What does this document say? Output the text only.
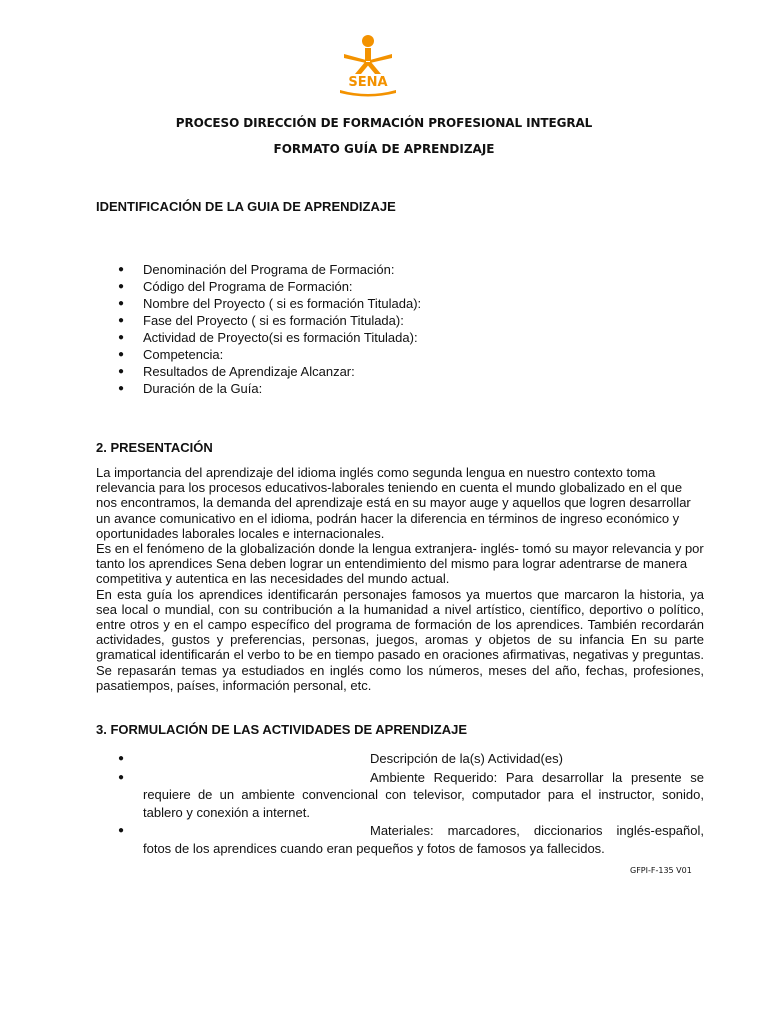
SENA
PROCESO DIRECCIÓN DE FORMACIÓN PROFESIONAL INTEGRAL
FORMATO GUÍA DE APRENDIZAJE
IDENTIFICACIÓN DE LA GUIA DE APRENDIZAJE
● Denominación del Programa de Formación:
● Código del Programa de Formación:
● Nombre del Proyecto ( si es formación Titulada):
● Fase del Proyecto ( si es formación Titulada):
● Actividad de Proyecto(si es formación Titulada):
● Competencia:
● Resultados de Aprendizaje Alcanzar:
● Duración de la Guía:
2. PRESENTACIÓN

La importancia del aprendizaje del idioma inglés como segunda lengua en nuestro contexto toma relevancia para los procesos educativos-laborales teniendo en cuenta el mundo globalizado en el que nos encontramos, la demanda del aprendizaje está en su mayor auge y aquellos que logren desarrollar un avance comunicativo en el idioma, podrán hacer la diferencia en términos de ingreso económico y oportunidades laborales locales e internacionales.

Es en el fenómeno de la globalización donde la lengua extranjera- inglés- tomó su mayor relevancia y por tanto los aprendices Sena deben lograr un entendimiento del mismo para lograr adentrarse de manera competitiva y autentica en las necesidades del mundo actual.

En esta guía los aprendices identificarán personajes famosos ya muertos que marcaron la historia, ya sea local o mundial, con su contribución a la humanidad a nivel artístico, científico, deportivo o político, entre otros y en el campo específico del programa de formación de los aprendices. También recordarán actividades, gustos y preferencias, personas, juegos, aromas y objetos de su infancia En su parte gramatical identificarán el verbo to be en tiempo pasado en oraciones afirmativas, negativas y preguntas. Se repasarán temas ya estudiados en inglés como los números, meses del año, fechas, profesiones, pasatiempos, países, información personal, etc.

3. FORMULACIÓN DE LAS ACTIVIDADES DE APRENDIZAJE
●	Descripción de la(s) Actividad(es)
●	Ambiente Requerido: Para desarrollar la presente se requiere de un ambiente convencional con televisor, computador para el instructor, sonido, tablero y conexión a internet.
●	Materiales: marcadores, diccionarios inglés-español, fotos de los aprendices cuando eran pequeños y fotos de famosos ya fallecidos.
GFPI-F-135 V01
